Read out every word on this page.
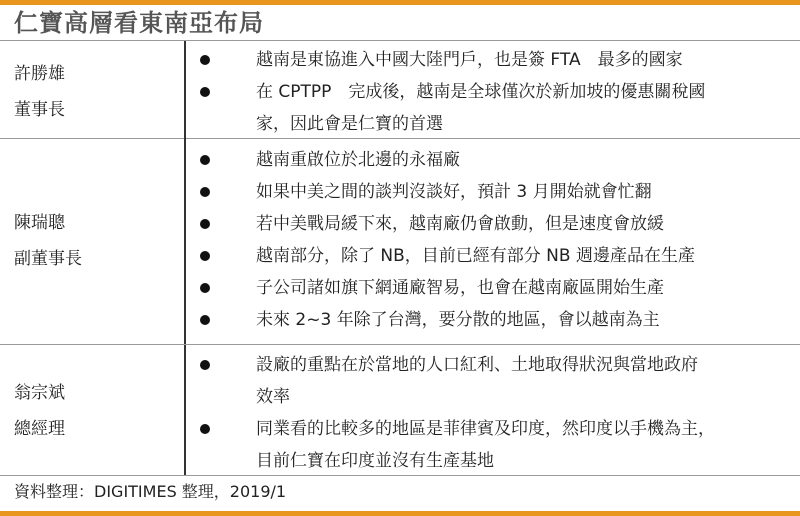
仁寶高層看東南亞布局
許勝雄
董事長
越南是東協進入中國大陸門戶，也是簽 FTA　最多的國家
在 CPTPP　完成後，越南是全球僅次於新加坡的優惠關稅國
家，因此會是仁寶的首選
陳瑞聰
副董事長
越南重啟位於北邊的永福廠
如果中美之間的談判沒談好，預計 3 月開始就會忙翻
若中美戰局緩下來，越南廠仍會啟動，但是速度會放緩
越南部分，除了 NB，目前已經有部分 NB 週邊產品在生產
子公司諸如旗下網通廠智易，也會在越南廠區開始生產
未來 2~3 年除了台灣，要分散的地區，會以越南為主
翁宗斌
總經理
設廠的重點在於當地的人口紅利、土地取得狀況與當地政府
效率
同業看的比較多的地區是菲律賓及印度，然印度以手機為主，
目前仁寶在印度並沒有生產基地
資料整理：DIGITIMES 整理，2019/1
